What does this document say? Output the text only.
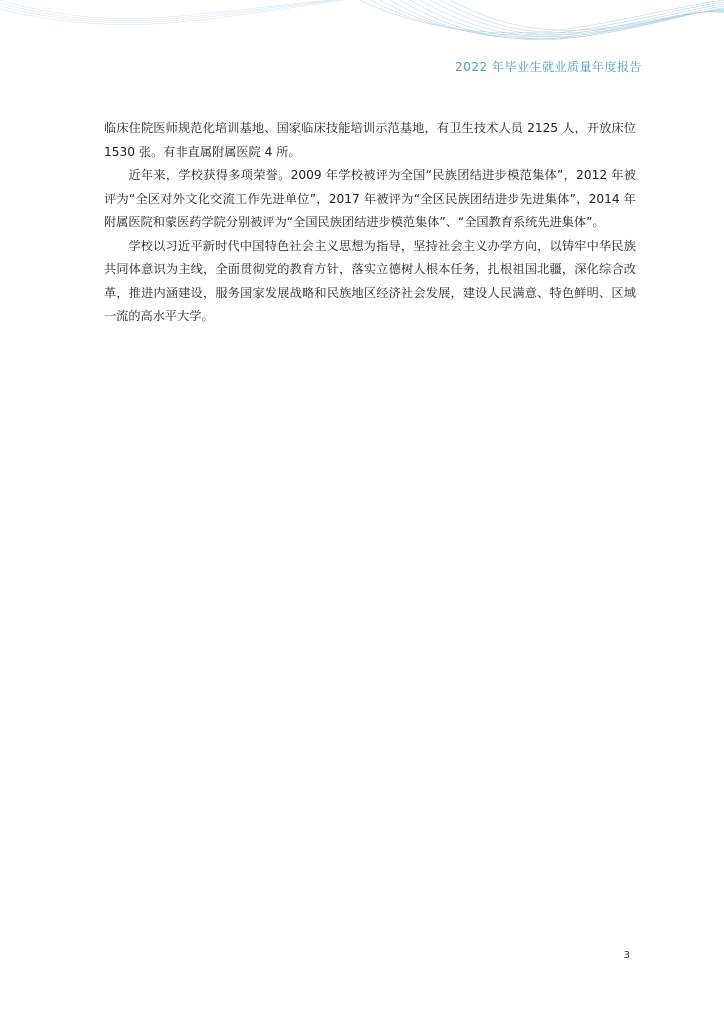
2022 年毕业生就业质量年度报告

临床住院医师规范化培训基地、国家临床技能培训示范基地，有卫生技术人员 2125 人，开放床位 1530 张。有非直属附属医院 4 所。

近年来，学校获得多项荣誉。2009 年学校被评为全国“民族团结进步模范集体”，2012 年被评为“全区对外文化交流工作先进单位”，2017 年被评为“全区民族团结进步先进集体”，2014 年附属医院和蒙医药学院分别被评为“全国民族团结进步模范集体”、“全国教育系统先进集体”。

学校以习近平新时代中国特色社会主义思想为指导，坚持社会主义办学方向，以铸牢中华民族共同体意识为主线，全面贯彻党的教育方针，落实立德树人根本任务，扎根祖国北疆，深化综合改革，推进内涵建设，服务国家发展战略和民族地区经济社会发展，建设人民满意、特色鲜明、区域一流的高水平大学。

3
